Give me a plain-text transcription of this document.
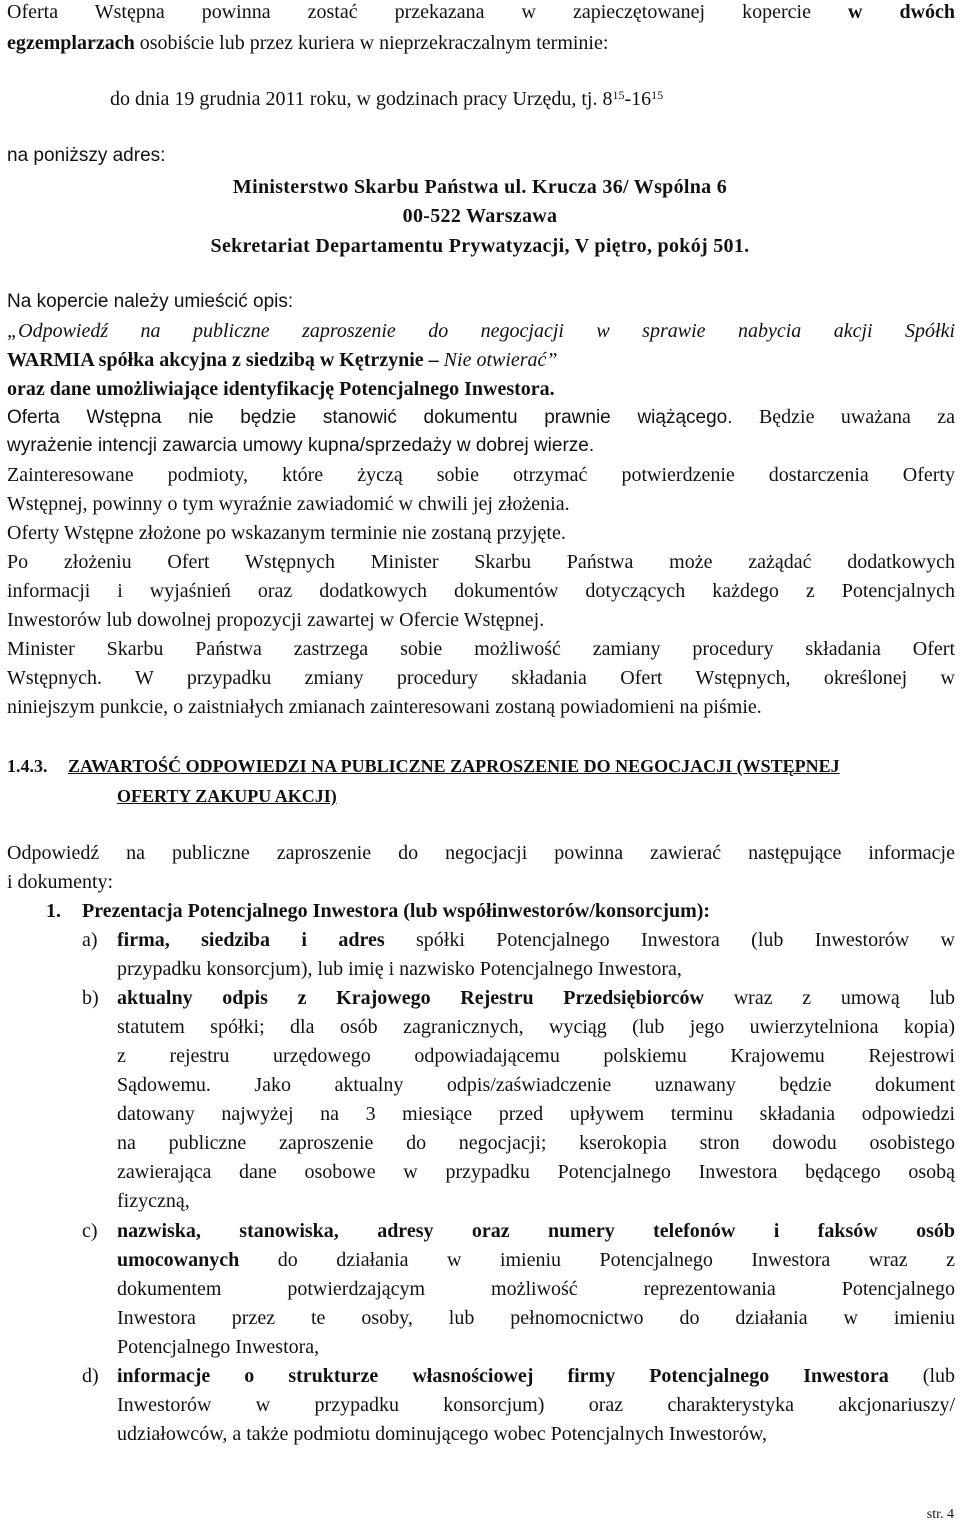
Oferta Wstępna powinna zostać przekazana w zapieczętowanej kopercie w dwóch
egzemplarzach osobiście lub przez kuriera w nieprzekraczalnym terminie:
do dnia 19 grudnia 2011 roku, w godzinach pracy Urzędu, tj. $8^{15}-16^{15}$
na poniższy adres:
Ministerstwo Skarbu Państwa ul. Krucza 36/ Wspólna 6
00-522 Warszawa
Sekretariat Departamentu Prywatyzacji, V piętro, pokój 501.
Na kopercie należy umieścić opis:
„Odpowiedź na publiczne zaproszenie do negocjacji w sprawie nabycia akcji Spółki
WARMIA spółka akcyjna z siedzibą w Kętrzynie – Nie otwierać”
oraz dane umożliwiające identyfikację Potencjalnego Inwestora.
Oferta Wstępna nie będzie stanowić dokumentu prawnie wiążącego. Będzie uważana za
wyrażenie intencji zawarcia umowy kupna/sprzedaży w dobrej wierze.
Zainteresowane podmioty, które życzą sobie otrzymać potwierdzenie dostarczenia Oferty
Wstępnej, powinny o tym wyraźnie zawiadomić w chwili jej złożenia.
Oferty Wstępne złożone po wskazanym terminie nie zostaną przyjęte.
Po złożeniu Ofert Wstępnych Minister Skarbu Państwa może zażądać dodatkowych
informacji i wyjaśnień oraz dodatkowych dokumentów dotyczących każdego z Potencjalnych
Inwestorów lub dowolnej propozycji zawartej w Ofercie Wstępnej.
Minister Skarbu Państwa zastrzega sobie możliwość zamiany procedury składania Ofert
Wstępnych. W przypadku zmiany procedury składania Ofert Wstępnych, określonej w
niniejszym punkcie, o zaistniałych zmianach zainteresowani zostaną powiadomieni na piśmie.
1.4.3. ZAWARTOŚĆ ODPOWIEDZI NA PUBLICZNE ZAPROSZENIE DO NEGOCJACJI (WSTĘPNEJ
OFERTY ZAKUPU AKCJI)
Odpowiedź na publiczne zaproszenie do negocjacji powinna zawierać następujące informacje
i dokumenty:
1. Prezentacja Potencjalnego Inwestora (lub współinwestorów/konsorcjum):
a) firma, siedziba i adres spółki Potencjalnego Inwestora (lub Inwestorów w
przypadku konsorcjum), lub imię i nazwisko Potencjalnego Inwestora,
b) aktualny odpis z Krajowego Rejestru Przedsiębiorców wraz z umową lub
statutem spółki; dla osób zagranicznych, wyciąg (lub jego uwierzytelniona kopia)
z rejestru urzędowego odpowiadającemu polskiemu Krajowemu Rejestrowi
Sądowemu. Jako aktualny odpis/zaświadczenie uznawany będzie dokument
datowany najwyżej na 3 miesiące przed upływem terminu składania odpowiedzi
na publiczne zaproszenie do negocjacji; kserokopia stron dowodu osobistego
zawierająca dane osobowe w przypadku Potencjalnego Inwestora będącego osobą
fizyczną,
c) nazwiska, stanowiska, adresy oraz numery telefonów i faksów osób
umocowanych do działania w imieniu Potencjalnego Inwestora wraz z
dokumentem potwierdzającym możliwość reprezentowania Potencjalnego
Inwestora przez te osoby, lub pełnomocnictwo do działania w imieniu
Potencjalnego Inwestora,
d) informacje o strukturze własnościowej firmy Potencjalnego Inwestora (lub
Inwestorów w przypadku konsorcjum) oraz charakterystyka akcjonariuszy/
udziałowców, a także podmiotu dominującego wobec Potencjalnych Inwestorów,
str. 4
